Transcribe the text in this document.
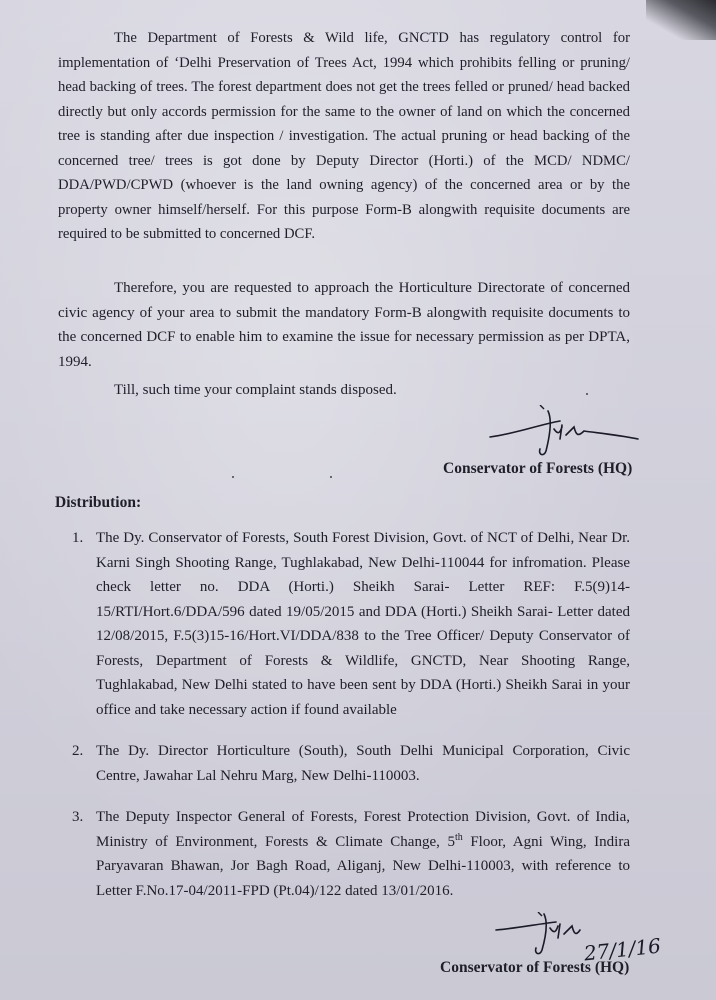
The Department of Forests & Wild life, GNCTD has regulatory control for implementation of ‘Delhi Preservation of Trees Act, 1994 which prohibits felling or pruning/ head backing of trees. The forest department does not get the trees felled or pruned/ head backed directly but only accords permission for the same to the owner of land on which the concerned tree is standing after due inspection / investigation. The actual pruning or head backing of the concerned tree/ trees is got done by Deputy Director (Horti.) of the MCD/ NDMC/ DDA/PWD/CPWD (whoever is the land owning agency) of the concerned area or by the property owner himself/herself. For this purpose Form-B alongwith requisite documents are required to be submitted to concerned DCF.

Therefore, you are requested to approach the Horticulture Directorate of concerned civic agency of your area to submit the mandatory Form-B alongwith requisite documents to the concerned DCF to enable him to examine the issue for necessary permission as per DPTA, 1994.

Till, such time your complaint stands disposed.

Conservator of Forests (HQ)

Distribution:

1. The Dy. Conservator of Forests, South Forest Division, Govt. of NCT of Delhi, Near Dr. Karni Singh Shooting Range, Tughlakabad, New Delhi-110044 for infromation. Please check letter no. DDA (Horti.) Sheikh Sarai- Letter REF: F.5(9)14-15/RTI/Hort.6/DDA/596 dated 19/05/2015 and DDA (Horti.) Sheikh Sarai- Letter dated 12/08/2015, F.5(3)15-16/Hort.VI/DDA/838 to the Tree Officer/ Deputy Conservator of Forests, Department of Forests & Wildlife, GNCTD, Near Shooting Range, Tughlakabad, New Delhi stated to have been sent by DDA (Horti.) Sheikh Sarai in your office and take necessary action if found available
2. The Dy. Director Horticulture (South), South Delhi Municipal Corporation, Civic Centre, Jawahar Lal Nehru Marg, New Delhi-110003.
3. The Deputy Inspector General of Forests, Forest Protection Division, Govt. of India, Ministry of Environment, Forests & Climate Change, 5th Floor, Agni Wing, Indira Paryavaran Bhawan, Jor Bagh Road, Aliganj, New Delhi-110003, with reference to Letter F.No.17-04/2011-FPD (Pt.04)/122 dated 13/01/2016.
27/1/16
Conservator of Forests (HQ)
